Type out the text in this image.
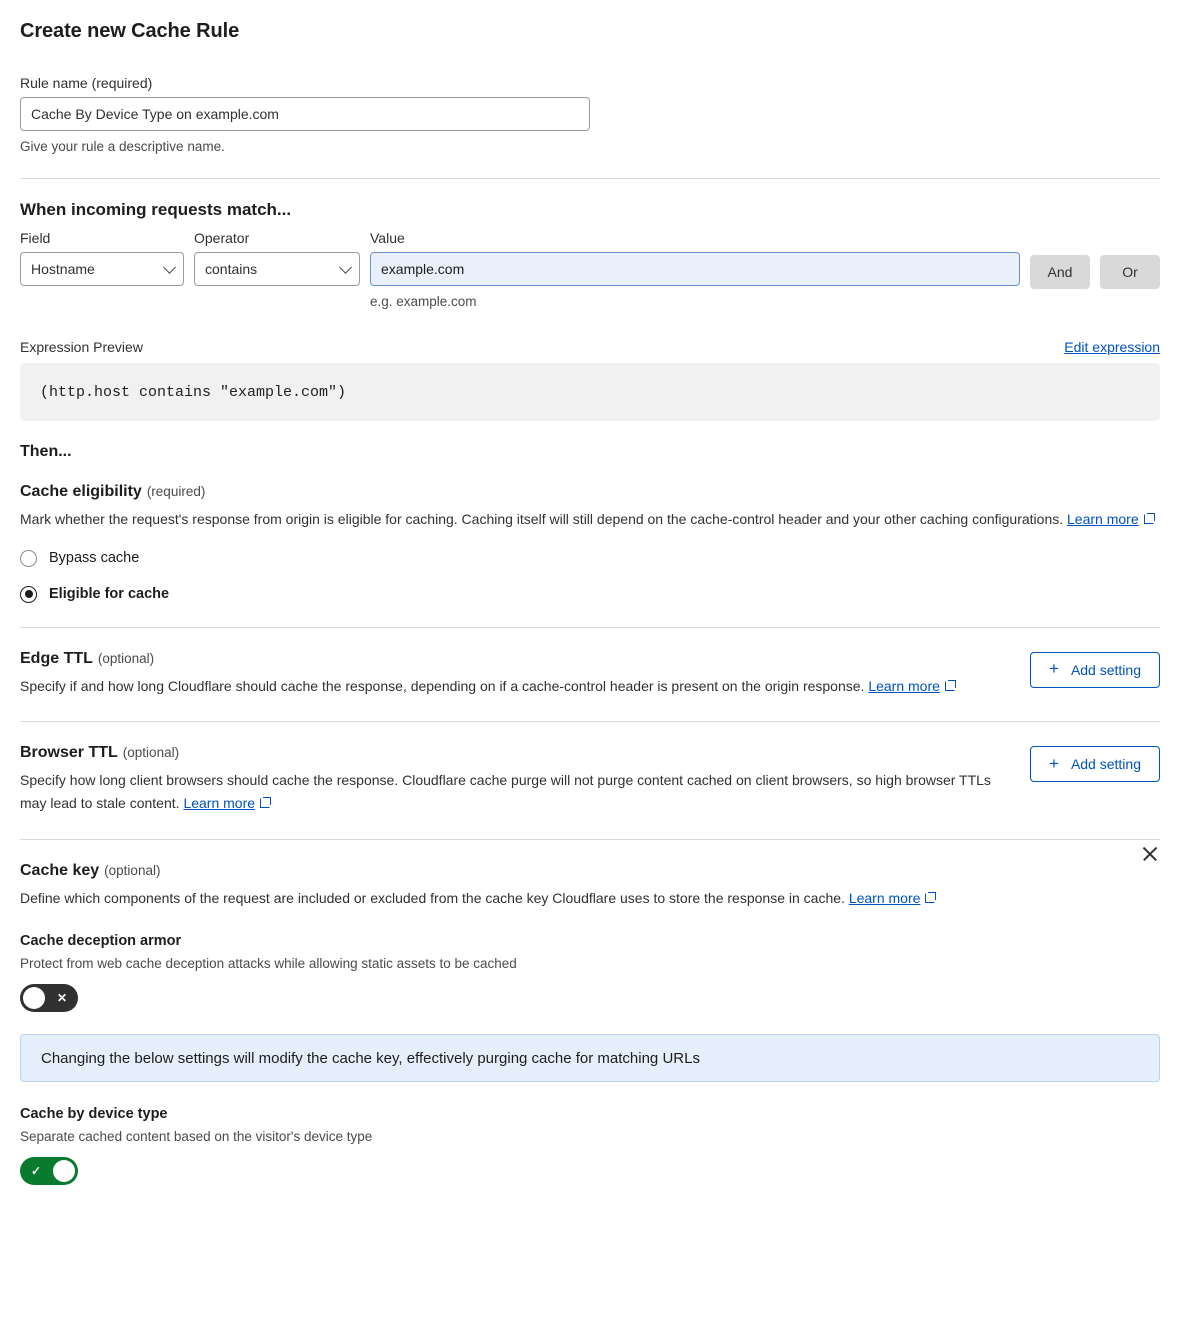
Create new Cache Rule
Rule name (required)
Cache By Device Type on example.com
Give your rule a descriptive name.
When incoming requests match...
Field
Hostname
Operator
contains
Value
example.com
e.g. example.com
And	Or
Expression Preview	Edit expression
(http.host contains "example.com")
Then...
Cache eligibility (required)
Mark whether the request's response from origin is eligible for caching. Caching itself will still depend on the cache-control header and your other caching configurations. Learn more
Bypass cache
Eligible for cache
Edge TTL (optional)
Specify if and how long Cloudflare should cache the response, depending on if a cache-control header is present on the origin response. Learn more
+ Add setting
Browser TTL (optional)
Specify how long client browsers should cache the response. Cloudflare cache purge will not purge content cached on client browsers, so high browser TTLs may lead to stale content. Learn more
+ Add setting
Cache key (optional)
Define which components of the request are included or excluded from the cache key Cloudflare uses to store the response in cache. Learn more
Cache deception armor
Protect from web cache deception attacks while allowing static assets to be cached
✕
Changing the below settings will modify the cache key, effectively purging cache for matching URLs
Cache by device type
Separate cached content based on the visitor's device type
✓
